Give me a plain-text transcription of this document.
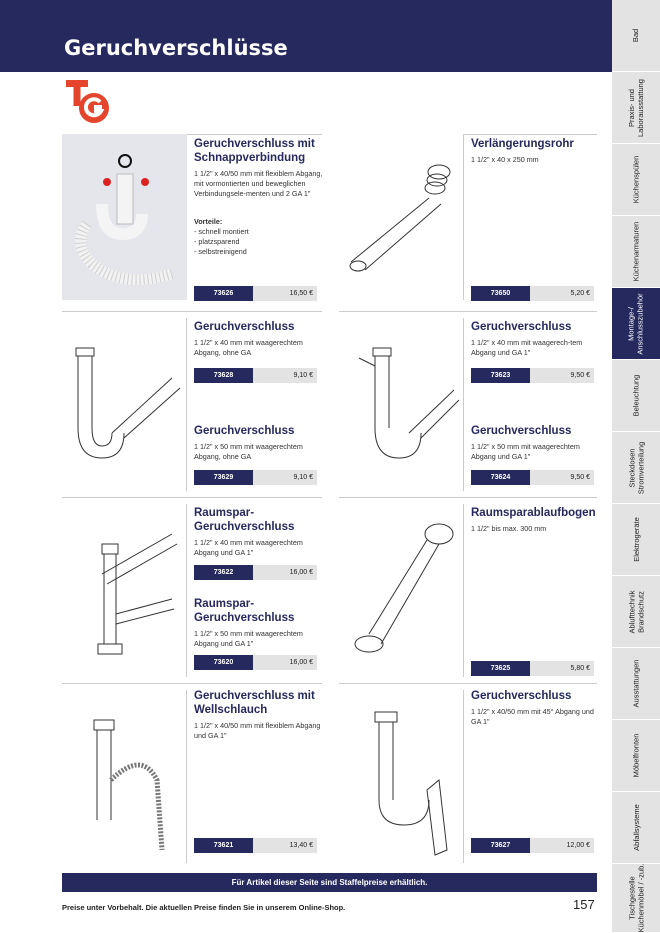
Geruchverschlüsse
Bad
Praxis- und
Laborausstattung
Küchenspülen
Küchenarmaturen
Montage-/
Anschlusszubehör
Beleuchtung
Steckdosen
Stromverteilung
Elektrogeräte
Ablufttechnik
Brandschutz
Ausstattungen
Möbelfronten
Abfallsysteme
Tischgestelle
Küchenmöbel / -zub.
Geruchverschluss mit Schnappverbindung
1 1/2" x 40/50 mm mit flexiblem Abgang, mit vormontierten und beweglichen Verbindungsele-menten und 2 GA 1"
Vorteile:
- schnell montiert
- platzsparend
- selbstreinigend
73626	16,50 €
Verlängerungsrohr
1 1/2" x 40 x 250 mm
73650	5,20 €
Geruchverschluss
1 1/2" x 40 mm mit waagerechtem Abgang, ohne GA
73628	9,10 €
Geruchverschluss
1 1/2" x 40 mm mit waagerech-tem Abgang und GA 1"
73623	9,50 €
Geruchverschluss
1 1/2" x 50 mm mit waagerechtem Abgang, ohne GA
73629	9,10 €
Geruchverschluss
1 1/2" x 50 mm mit waagerechtem Abgang und GA 1"
73624	9,50 €
Raumspar-
Geruchverschluss
1 1/2" x 40 mm mit waagerechtem Abgang und GA 1"
73622	16,00 €
Raumsparablaufbogen
1 1/2" bis max. 300 mm
73625	5,80 €
Raumspar-
Geruchverschluss
1 1/2" x 50 mm mit waagerechtem Abgang und GA 1"
73620	16,00 €
Geruchverschluss mit Wellschlauch
1 1/2" x 40/50 mm mit flexiblem Abgang und GA 1"
73621	13,40 €
Geruchverschluss
1 1/2" x 40/50 mm mit 45° Abgang und GA 1"
73627	12,00 €
Für Artikel dieser Seite sind Staffelpreise erhältlich.
Preise unter Vorbehalt. Die aktuellen Preise finden Sie in unserem Online-Shop.	157
